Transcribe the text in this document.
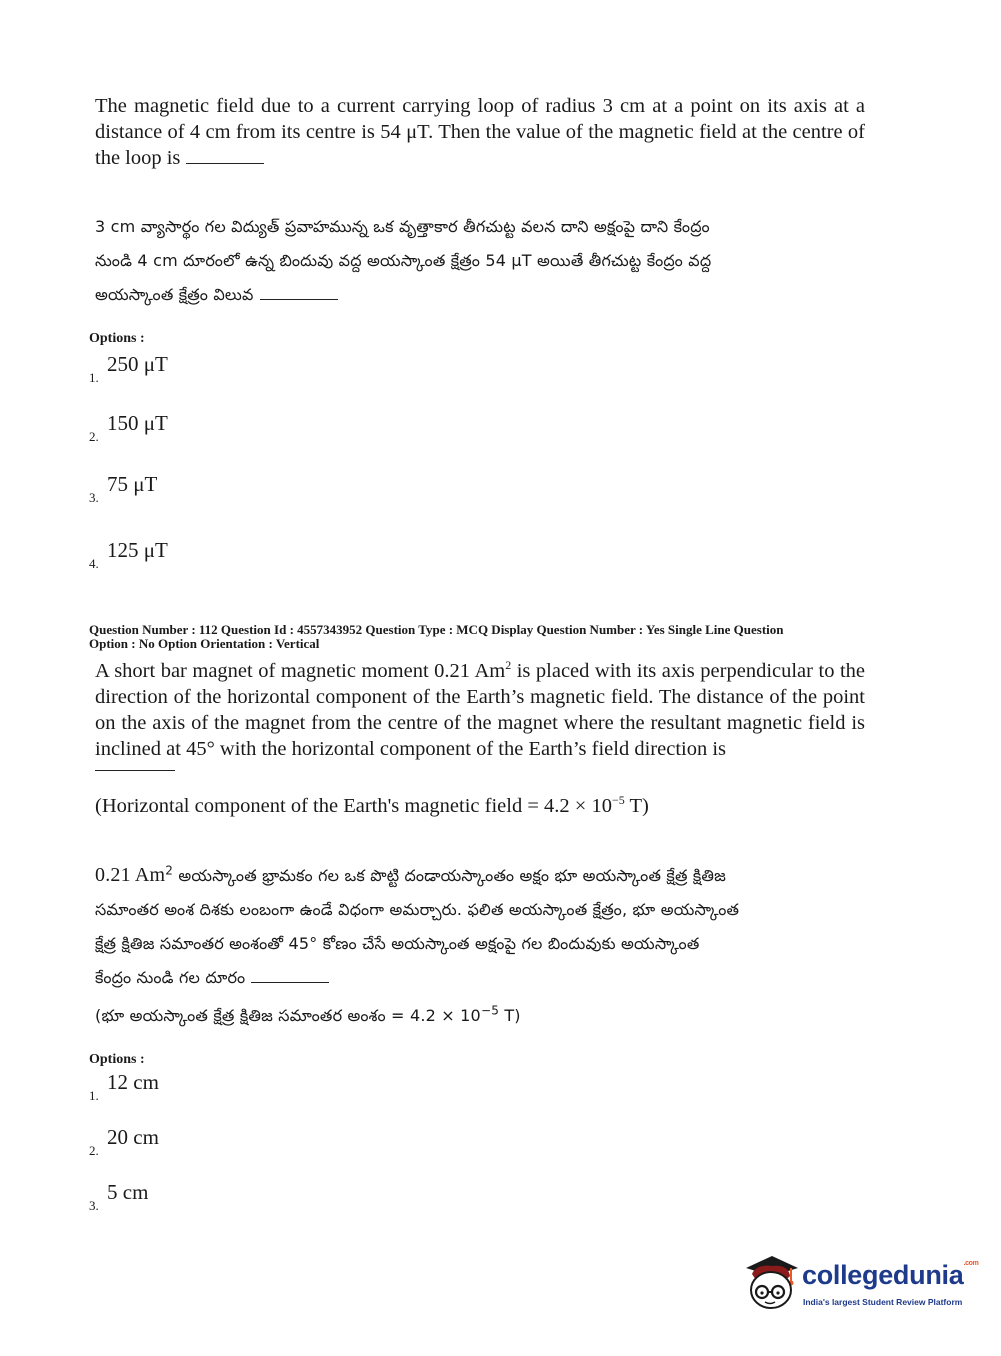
The magnetic field due to a current carrying loop of radius 3 cm at a point on its axis at a distance of 4 cm from its centre is 54 μT. Then the value of the magnetic field at the centre of the loop is
3 cm వ్యాసార్థం గల విద్యుత్ ప్రవాహమున్న ఒక వృత్తాకార తీగచుట్ట వలన దాని అక్షంపై దాని కేంద్రం
నుండి 4 cm దూరంలో ఉన్న బిందువు వద్ద అయస్కాంత క్షేత్రం 54 μT అయితే తీగచుట్ట కేంద్రం వద్ద
అయస్కాంత క్షేత్రం విలువ
Options :
1.
250 μT
2.
150 μT
3.
75 μT
4.
125 μT
Question Number : 112 Question Id : 4557343952 Question Type : MCQ Display Question Number : Yes Single Line Question
Option : No Option Orientation : Vertical
A short bar magnet of magnetic moment 0.21 Am$^2$ is placed with its axis perpendicular to the direction of the horizontal component of the Earth’s magnetic field. The distance of the point on the axis of the magnet from the centre of the magnet where the resultant magnetic field is inclined at 45° with the horizontal component of the Earth’s field direction is
(Horizontal component of the Earth's magnetic field = $4.2 \times 10^{-5}$ T)
0.21 Am$^2$ అయస్కాంత భ్రామకం గల ఒక పొట్టి దండాయస్కాంతం అక్షం భూ అయస్కాంత క్షేత్ర క్షితిజ
సమాంతర అంశ దిశకు లంబంగా ఉండే విధంగా అమర్చారు. ఫలిత అయస్కాంత క్షేత్రం, భూ అయస్కాంత
క్షేత్ర క్షితిజ సమాంతర అంశంతో 45° కోణం చేసే అయస్కాంత అక్షంపై గల బిందువుకు అయస్కాంత
కేంద్రం నుండి గల దూరం
(భూ అయస్కాంత క్షేత్ర క్షితిజ సమాంతర అంశం = $4.2 \times 10^{-5}$ T)
Options :
1.
12 cm
2.
20 cm
3.
5 cm
collegedunia$^{.com}$
India's largest Student Review Platform
